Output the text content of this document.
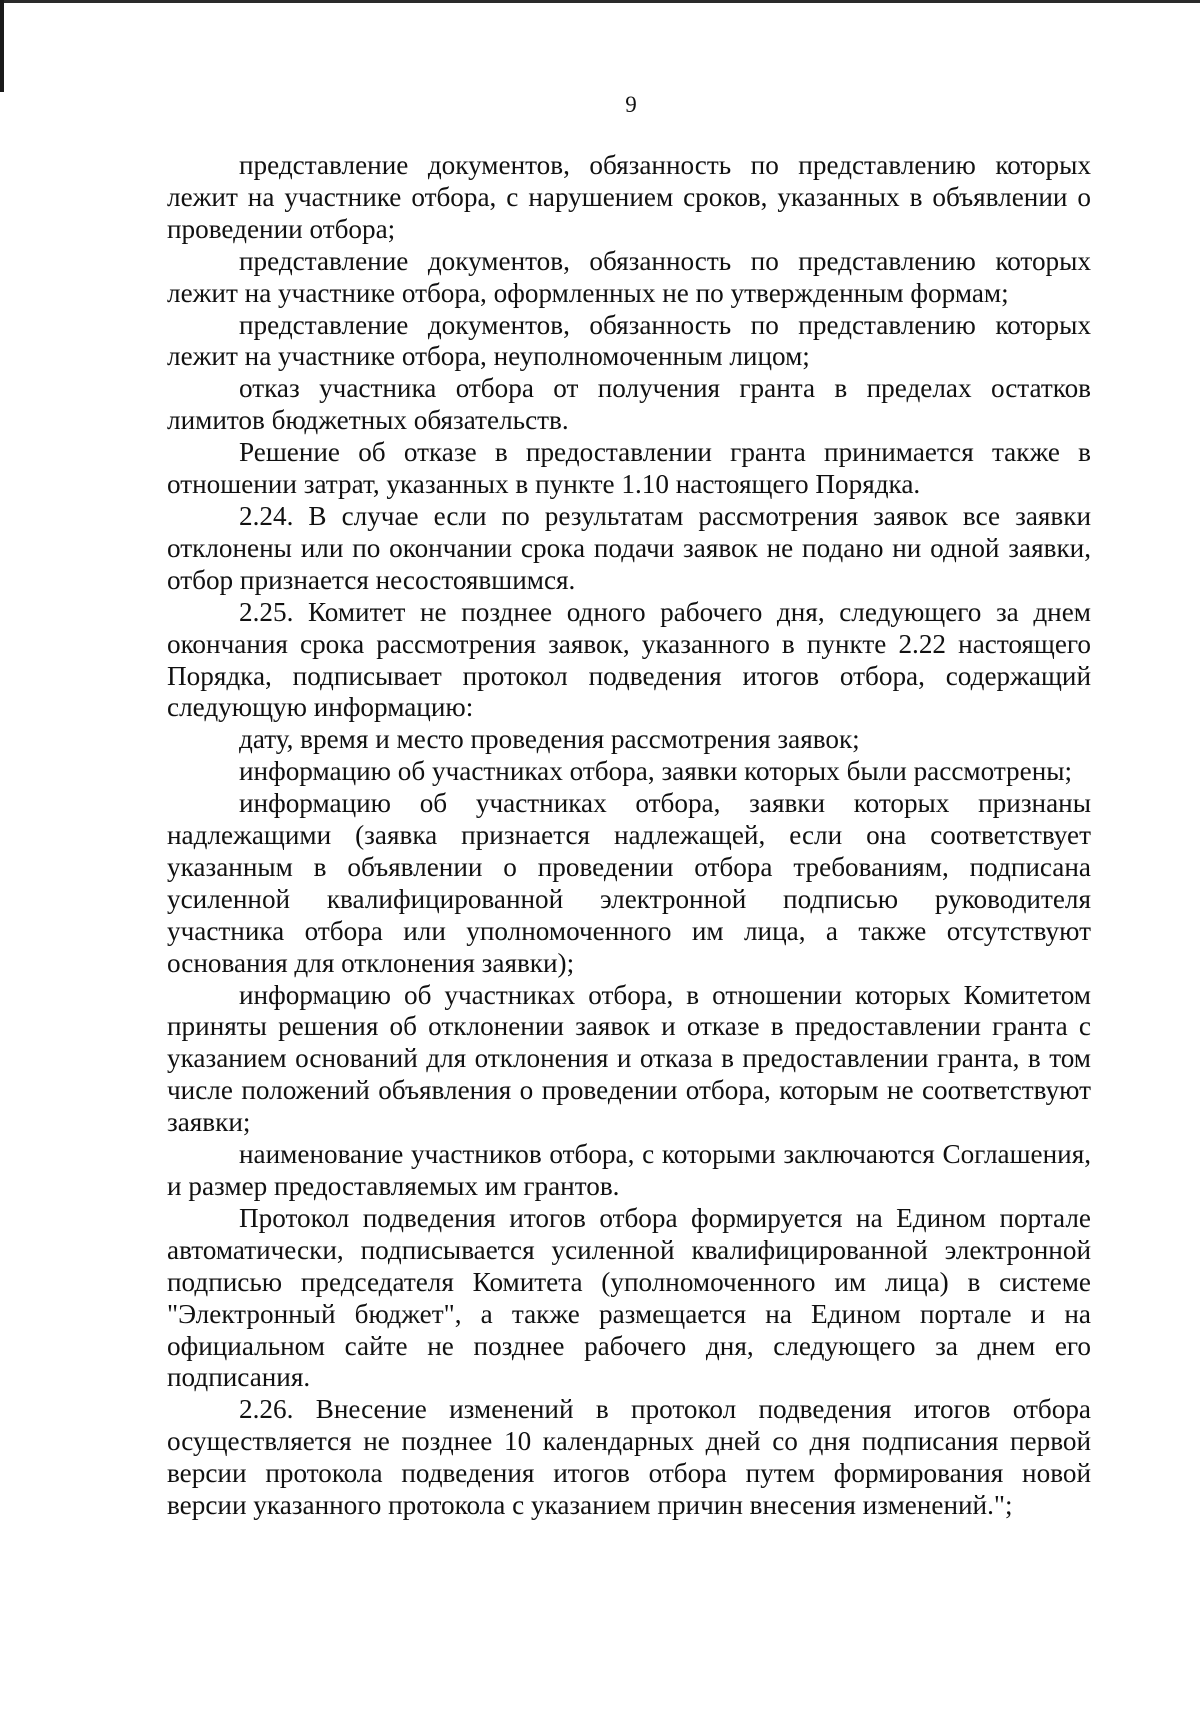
9

представление документов, обязанность по представлению которых лежит на участнике отбора, с нарушением сроков, указанных в объявлении о проведении отбора;

представление документов, обязанность по представлению которых лежит на участнике отбора, оформленных не по утвержденным формам;

представление документов, обязанность по представлению которых лежит на участнике отбора, неуполномоченным лицом;

отказ участника отбора от получения гранта в пределах остатков лимитов бюджетных обязательств.

Решение об отказе в предоставлении гранта принимается также в отношении затрат, указанных в пункте 1.10 настоящего Порядка.

2.24. В случае если по результатам рассмотрения заявок все заявки отклонены или по окончании срока подачи заявок не подано ни одной заявки, отбор признается несостоявшимся.

2.25. Комитет не позднее одного рабочего дня, следующего за днем окончания срока рассмотрения заявок, указанного в пункте 2.22 настоящего Порядка, подписывает протокол подведения итогов отбора, содержащий следующую информацию:

дату, время и место проведения рассмотрения заявок;

информацию об участниках отбора, заявки которых были рассмотрены;

информацию об участниках отбора, заявки которых признаны надлежащими (заявка признается надлежащей, если она соответствует указанным в объявлении о проведении отбора требованиям, подписана усиленной квалифицированной электронной подписью руководителя участника отбора или уполномоченного им лица, а также отсутствуют основания для отклонения заявки);

информацию об участниках отбора, в отношении которых Комитетом приняты решения об отклонении заявок и отказе в предоставлении гранта с указанием оснований для отклонения и отказа в предоставлении гранта, в том числе положений объявления о проведении отбора, которым не соответствуют заявки;

наименование участников отбора, с которыми заключаются Соглашения, и размер предоставляемых им грантов.

Протокол подведения итогов отбора формируется на Едином портале автоматически, подписывается усиленной квалифицированной электронной подписью председателя Комитета (уполномоченного им лица) в системе "Электронный бюджет", а также размещается на Едином портале и на официальном сайте не позднее рабочего дня, следующего за днем его подписания.

2.26. Внесение изменений в протокол подведения итогов отбора осуществляется не позднее 10 календарных дней со дня подписания первой версии протокола подведения итогов отбора путем формирования новой версии указанного протокола с указанием причин внесения изменений.";
